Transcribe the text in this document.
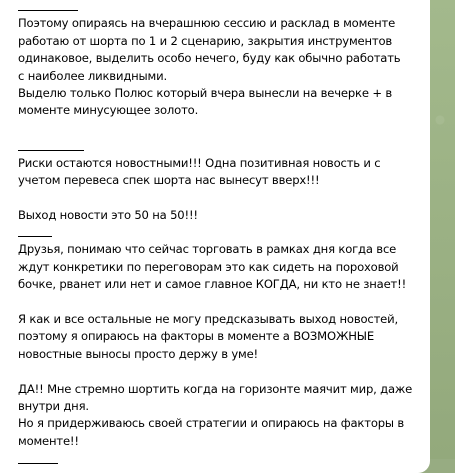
Поэтому опираясь на вчерашнюю сессию и расклад в моменте
работаю от шорта по 1 и 2 сценарию, закрытия инструментов
одинаковое, выделить особо нечего, буду как обычно работать
с наиболее ликвидными.
Выделю только Полюс который вчера вынесли на вечерке + в
моменте минусующее золото.
Риски остаются новостными!!! Одна позитивная новость и с
учетом перевеса спек шорта нас вынесут вверх!!!
Выход новости это 50 на 50!!!
Друзья, понимаю что сейчас торговать в рамках дня когда все
ждут конкретики по переговорам это как сидеть на пороховой
бочке, рванет или нет и самое главное КОГДА, ни кто не знает!!
Я как и все остальные не могу предсказывать выход новостей,
поэтому я опираюсь на факторы в моменте а ВОЗМОЖНЫЕ
новостные выносы просто держу в уме!
ДА!! Мне стремно шортить когда на горизонте маячит мир, даже
внутри дня.
Но я придерживаюсь своей стратегии и опираюсь на факторы в
моменте!!
